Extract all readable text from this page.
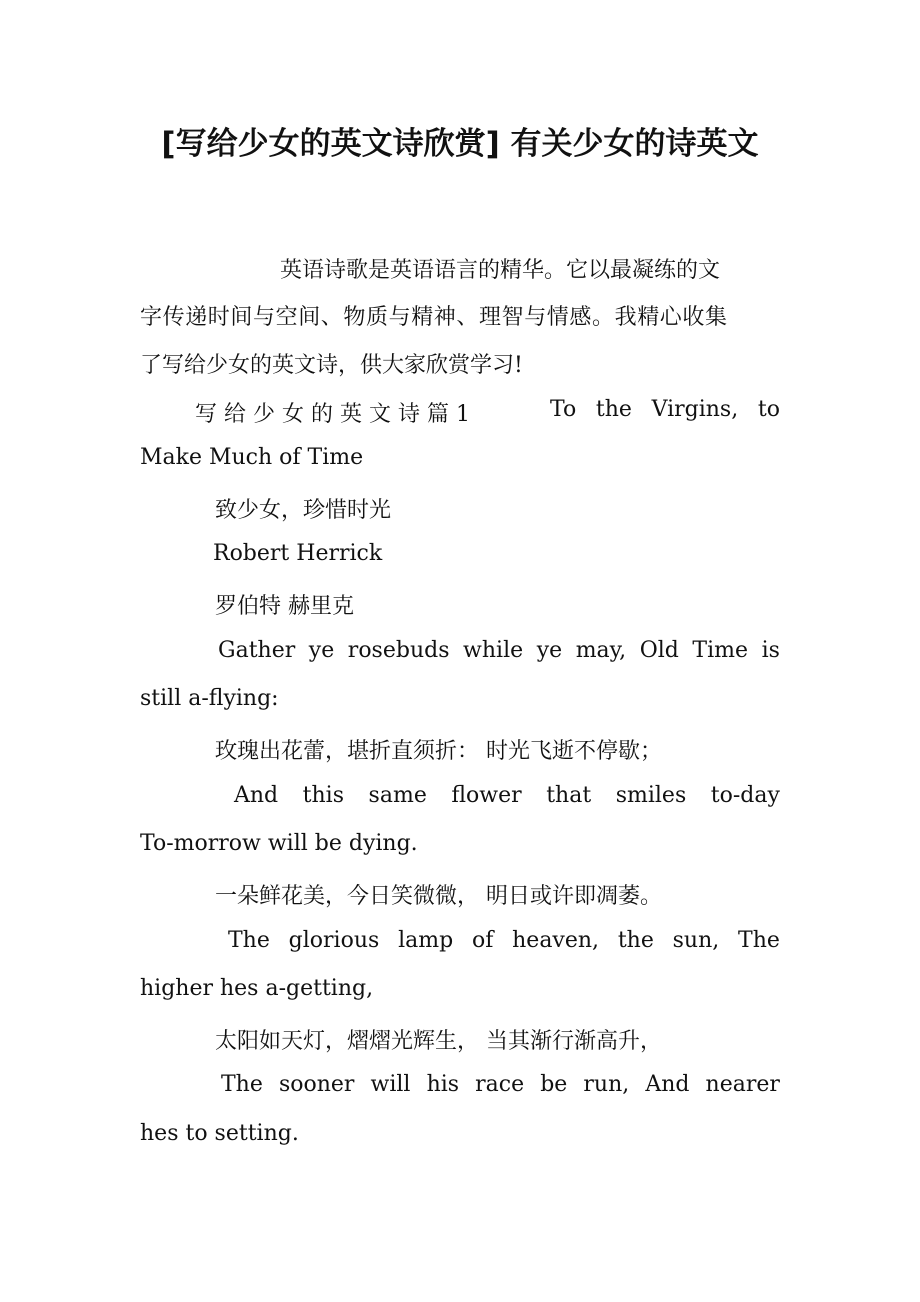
[写给少女的英文诗欣赏] 有关少女的诗英文
英语诗歌是英语语言的精华。它以最凝练的文
字传递时间与空间、物质与精神、理智与情感。我精心收集
了写给少女的英文诗，供大家欣赏学习!
写 给 少 女 的 英 文 诗 篇 1	To the Virgins, to
Make Much of Time
致少女，珍惜时光
Robert Herrick
罗伯特 赫里克
Gather ye rosebuds while ye may, Old Time is
still a-flying:
玫瑰出花蕾，堪折直须折： 时光飞逝不停歇；
And this same flower that smiles to-day
To-morrow will be dying.
一朵鲜花美，今日笑微微， 明日或许即凋萎。
The glorious lamp of heaven, the sun, The
higher hes a-getting,
太阳如天灯，熠熠光辉生， 当其渐行渐高升，
The sooner will his race be run, And nearer
hes to setting.
